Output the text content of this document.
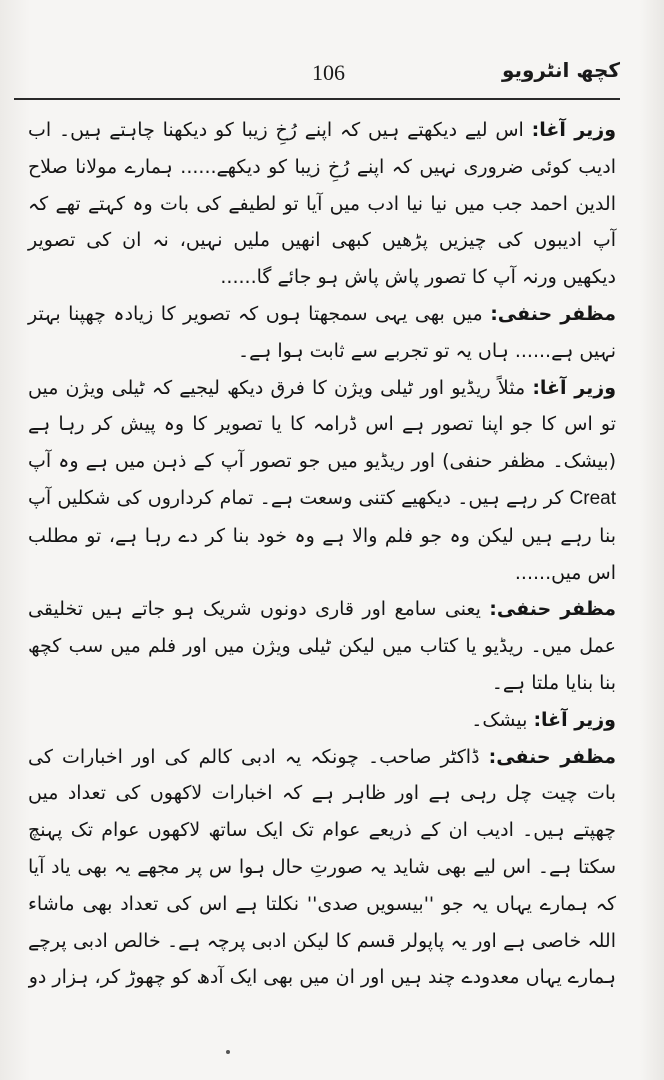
106	کچھ انٹرویو

وزیر آغا: اس لیے دیکھتے ہیں کہ اپنے رُخِ زیبا کو دیکھنا چاہتے ہیں۔ اب ادیب کوئی ضروری نہیں کہ اپنے رُخِ زیبا کو دیکھے...... ہمارے مولانا صلاح الدین احمد جب میں نیا نیا ادب میں آیا تو لطیفے کی بات وہ کہتے تھے کہ آپ ادیبوں کی چیزیں پڑھیں کبھی انھیں ملیں نہیں، نہ ان کی تصویر دیکھیں ورنہ آپ کا تصور پاش پاش ہو جائے گا......

مظفر حنفی: میں بھی یہی سمجھتا ہوں کہ تصویر کا زیادہ چھپنا بہتر نہیں ہے...... ہاں یہ تو تجربے سے ثابت ہوا ہے۔

وزیر آغا: مثلاً ریڈیو اور ٹیلی ویژن کا فرق دیکھ لیجیے کہ ٹیلی ویژن میں تو اس کا جو اپنا تصور ہے اس ڈرامہ کا یا تصویر کا وہ پیش کر رہا ہے (بیشک۔ مظفر حنفی) اور ریڈیو میں جو تصور آپ کے ذہن میں ہے وہ آپ Creat کر رہے ہیں۔ دیکھیے کتنی وسعت ہے۔ تمام کرداروں کی شکلیں آپ بنا رہے ہیں لیکن وہ جو فلم والا ہے وہ خود بنا کر دے رہا ہے، تو مطلب اس میں......

مظفر حنفی: یعنی سامع اور قاری دونوں شریک ہو جاتے ہیں تخلیقی عمل میں۔ ریڈیو یا کتاب میں لیکن ٹیلی ویژن میں اور فلم میں سب کچھ بنا بنایا ملتا ہے۔

وزیر آغا: بیشک۔

مظفر حنفی: ڈاکٹر صاحب۔ چونکہ یہ ادبی کالم کی اور اخبارات کی بات چیت چل رہی ہے اور ظاہر ہے کہ اخبارات لاکھوں کی تعداد میں چھپتے ہیں۔ ادیب ان کے ذریعے عوام تک ایک ساتھ لاکھوں عوام تک پہنچ سکتا ہے۔ اس لیے بھی شاید یہ صورتِ حال ہوا س پر مجھے یہ بھی یاد آیا کہ ہمارے یہاں یہ جو ''بیسویں صدی'' نکلتا ہے اس کی تعداد بھی ماشاء اللہ خاصی ہے اور یہ پاپولر قسم کا لیکن ادبی پرچہ ہے۔ خالص ادبی پرچے ہمارے یہاں معدودے چند ہیں اور ان میں بھی ایک آدھ کو چھوڑ کر، ہزار دو
